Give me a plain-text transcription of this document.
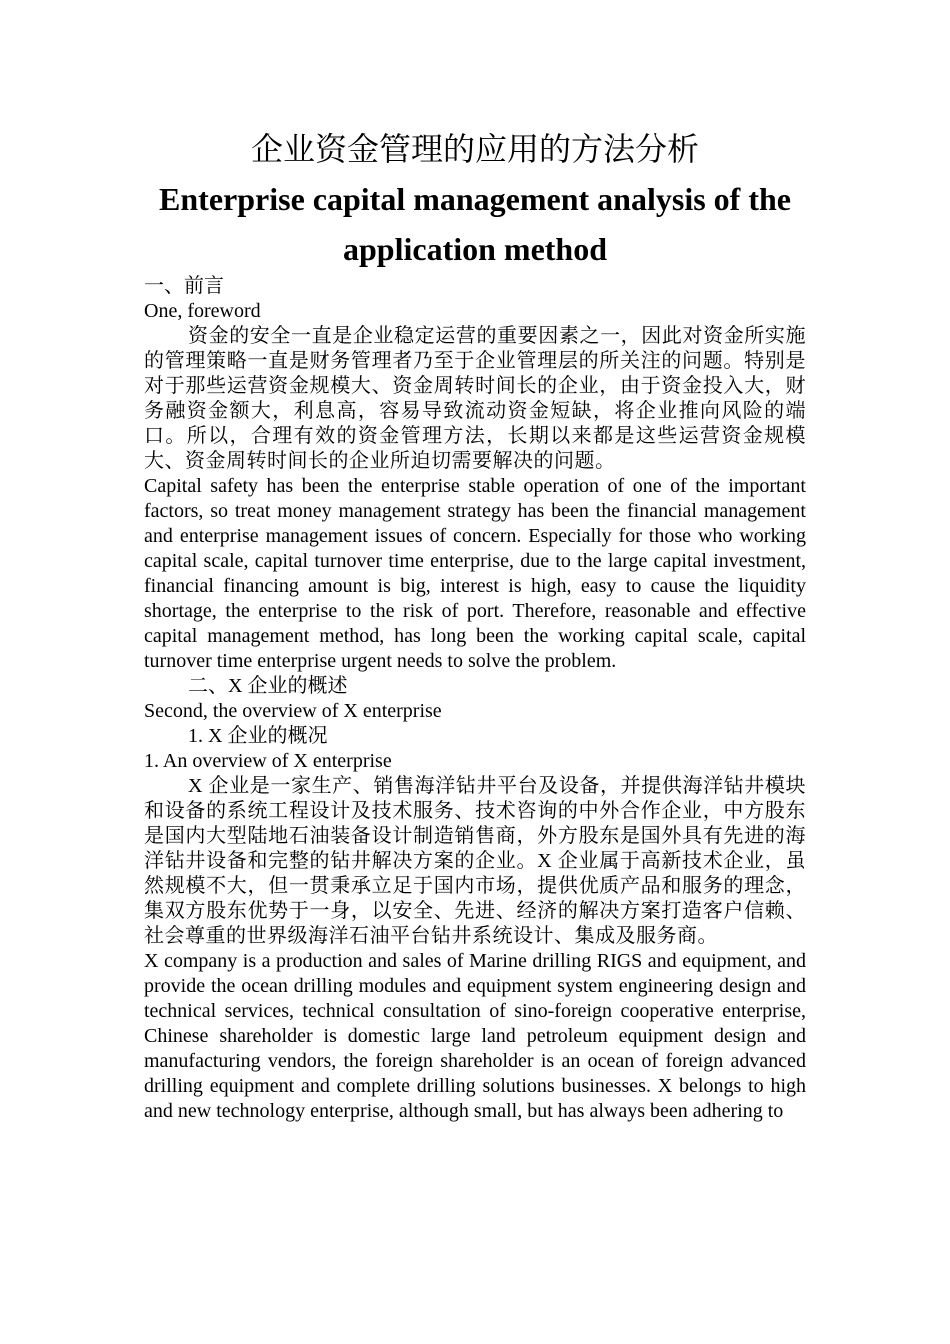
企业资金管理的应用的方法分析
Enterprise capital management analysis of the application method

一、前言

One, foreword

资金的安全一直是企业稳定运营的重要因素之一，因此对资金所实施的管理策略一直是财务管理者乃至于企业管理层的所关注的问题。特别是对于那些运营资金规模大、资金周转时间长的企业，由于资金投入大，财务融资金额大，利息高，容易导致流动资金短缺，将企业推向风险的端口。所以，合理有效的资金管理方法，长期以来都是这些运营资金规模大、资金周转时间长的企业所迫切需要解决的问题。

Capital safety has been the enterprise stable operation of one of the important factors, so treat money management strategy has been the financial management and enterprise management issues of concern. Especially for those who working capital scale, capital turnover time enterprise, due to the large capital investment, financial financing amount is big, interest is high, easy to cause the liquidity shortage, the enterprise to the risk of port. Therefore, reasonable and effective capital management method, has long been the working capital scale, capital turnover time enterprise urgent needs to solve the problem.

二、X 企业的概述

Second, the overview of X enterprise

1. X 企业的概况

1. An overview of X enterprise

X 企业是一家生产、销售海洋钻井平台及设备，并提供海洋钻井模块和设备的系统工程设计及技术服务、技术咨询的中外合作企业，中方股东是国内大型陆地石油装备设计制造销售商，外方股东是国外具有先进的海洋钻井设备和完整的钻井解决方案的企业。X 企业属于高新技术企业，虽然规模不大，但一贯秉承立足于国内市场，提供优质产品和服务的理念，集双方股东优势于一身，以安全、先进、经济的解决方案打造客户信赖、社会尊重的世界级海洋石油平台钻井系统设计、集成及服务商。

X company is a production and sales of Marine drilling RIGS and equipment, and provide the ocean drilling modules and equipment system engineering design and technical services, technical consultation of sino-foreign cooperative enterprise, Chinese shareholder is domestic large land petroleum equipment design and manufacturing vendors, the foreign shareholder is an ocean of foreign advanced drilling equipment and complete drilling solutions businesses. X belongs to high and new technology enterprise, although small, but has always been adhering to
